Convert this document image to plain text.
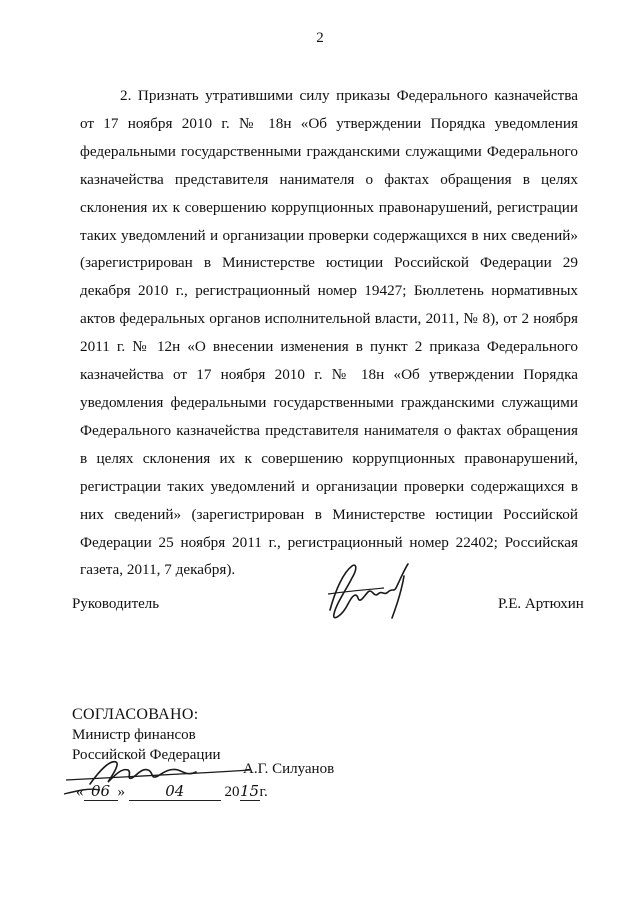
2

2. Признать утратившими силу приказы Федерального казначейства от 17 ноября 2010 г. № 18н «Об утверждении Порядка уведомления федеральными государственными гражданскими служащими Федерального казначейства представителя нанимателя о фактах обращения в целях склонения их к совершению коррупционных правонарушений, регистрации таких уведомлений и организации проверки содержащихся в них сведений» (зарегистрирован в Министерстве юстиции Российской Федерации 29 декабря 2010 г., регистрационный номер 19427; Бюллетень нормативных актов федеральных органов исполнительной власти, 2011, № 8), от 2 ноября 2011 г. № 12н «О внесении изменения в пункт 2 приказа Федерального казначейства от 17 ноября 2010 г. № 18н «Об утверждении Порядка уведомления федеральными государственными гражданскими служащими Федерального казначейства представителя нанимателя о фактах обращения в целях склонения их к совершению коррупционных правонарушений, регистрации таких уведомлений и организации проверки содержащихся в них сведений» (зарегистрирован в Министерстве юстиции Российской Федерации 25 ноября 2011 г., регистрационный номер 22402; Российская газета, 2011, 7 декабря).

Руководитель	Р.Е. Артюхин
СОГЛАСОВАНО:
Министр финансов
Российской Федерации
А.Г. Силуанов
« 06 »	04	2015г.
